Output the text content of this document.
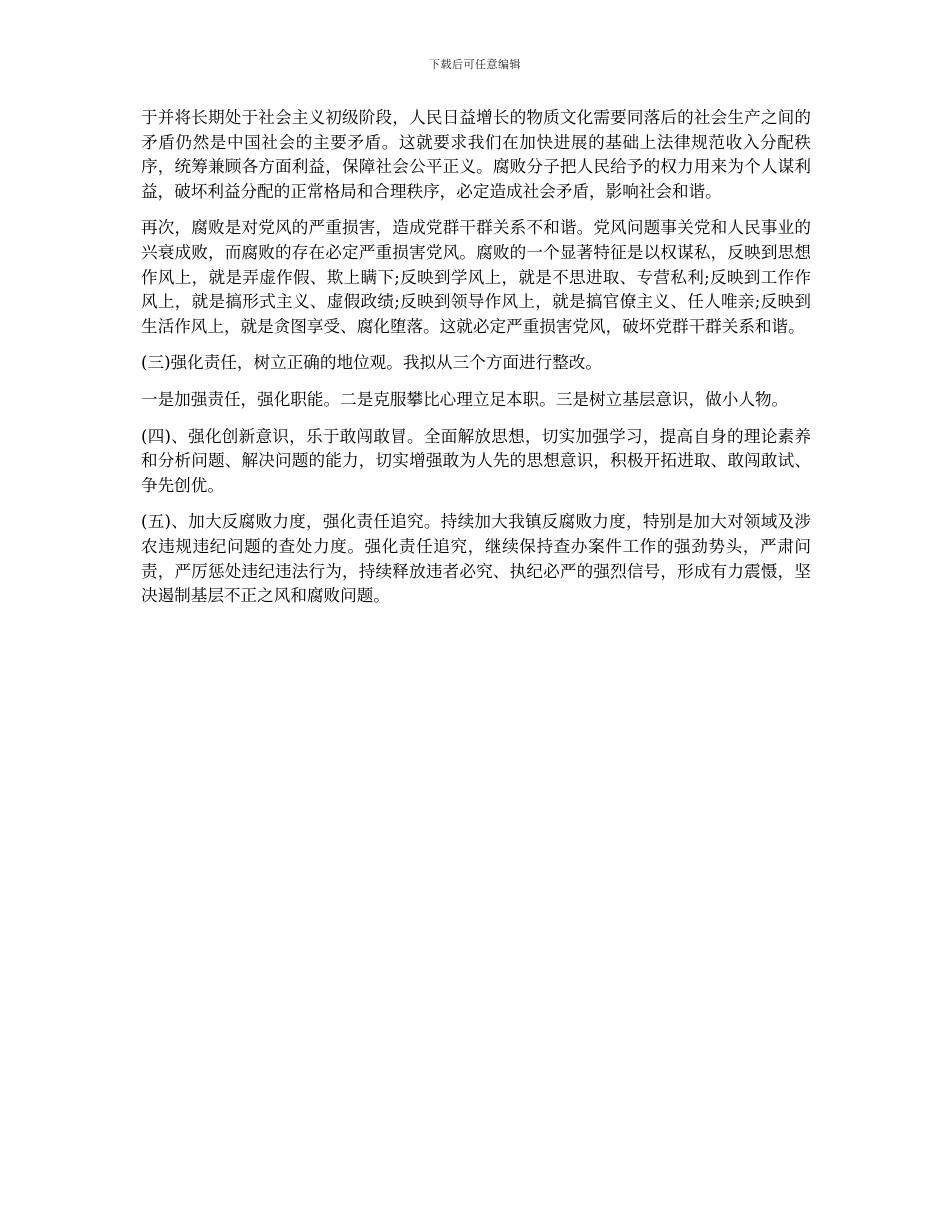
下载后可任意编辑

于并将长期处于社会主义初级阶段，人民日益增长的物质文化需要同落后的社会生产之间的矛盾仍然是中国社会的主要矛盾。这就要求我们在加快进展的基础上法律规范收入分配秩序，统筹兼顾各方面利益，保障社会公平正义。腐败分子把人民给予的权力用来为个人谋利益，破坏利益分配的正常格局和合理秩序，必定造成社会矛盾，影响社会和谐。

再次，腐败是对党风的严重损害，造成党群干群关系不和谐。党风问题事关党和人民事业的兴衰成败，而腐败的存在必定严重损害党风。腐败的一个显著特征是以权谋私，反映到思想作风上，就是弄虚作假、欺上瞒下;反映到学风上，就是不思进取、专营私利;反映到工作作风上，就是搞形式主义、虚假政绩;反映到领导作风上，就是搞官僚主义、任人唯亲;反映到生活作风上，就是贪图享受、腐化堕落。这就必定严重损害党风，破坏党群干群关系和谐。

(三)强化责任，树立正确的地位观。我拟从三个方面进行整改。

一是加强责任，强化职能。二是克服攀比心理立足本职。三是树立基层意识，做小人物。

(四)、强化创新意识，乐于敢闯敢冒。全面解放思想，切实加强学习，提高自身的理论素养和分析问题、解决问题的能力，切实增强敢为人先的思想意识，积极开拓进取、敢闯敢试、争先创优。

(五)、加大反腐败力度，强化责任追究。持续加大我镇反腐败力度，特别是加大对领域及涉农违规违纪问题的查处力度。强化责任追究，继续保持查办案件工作的强劲势头，严肃问责，严厉惩处违纪违法行为，持续释放违者必究、执纪必严的强烈信号，形成有力震慑，坚决遏制基层不正之风和腐败问题。
